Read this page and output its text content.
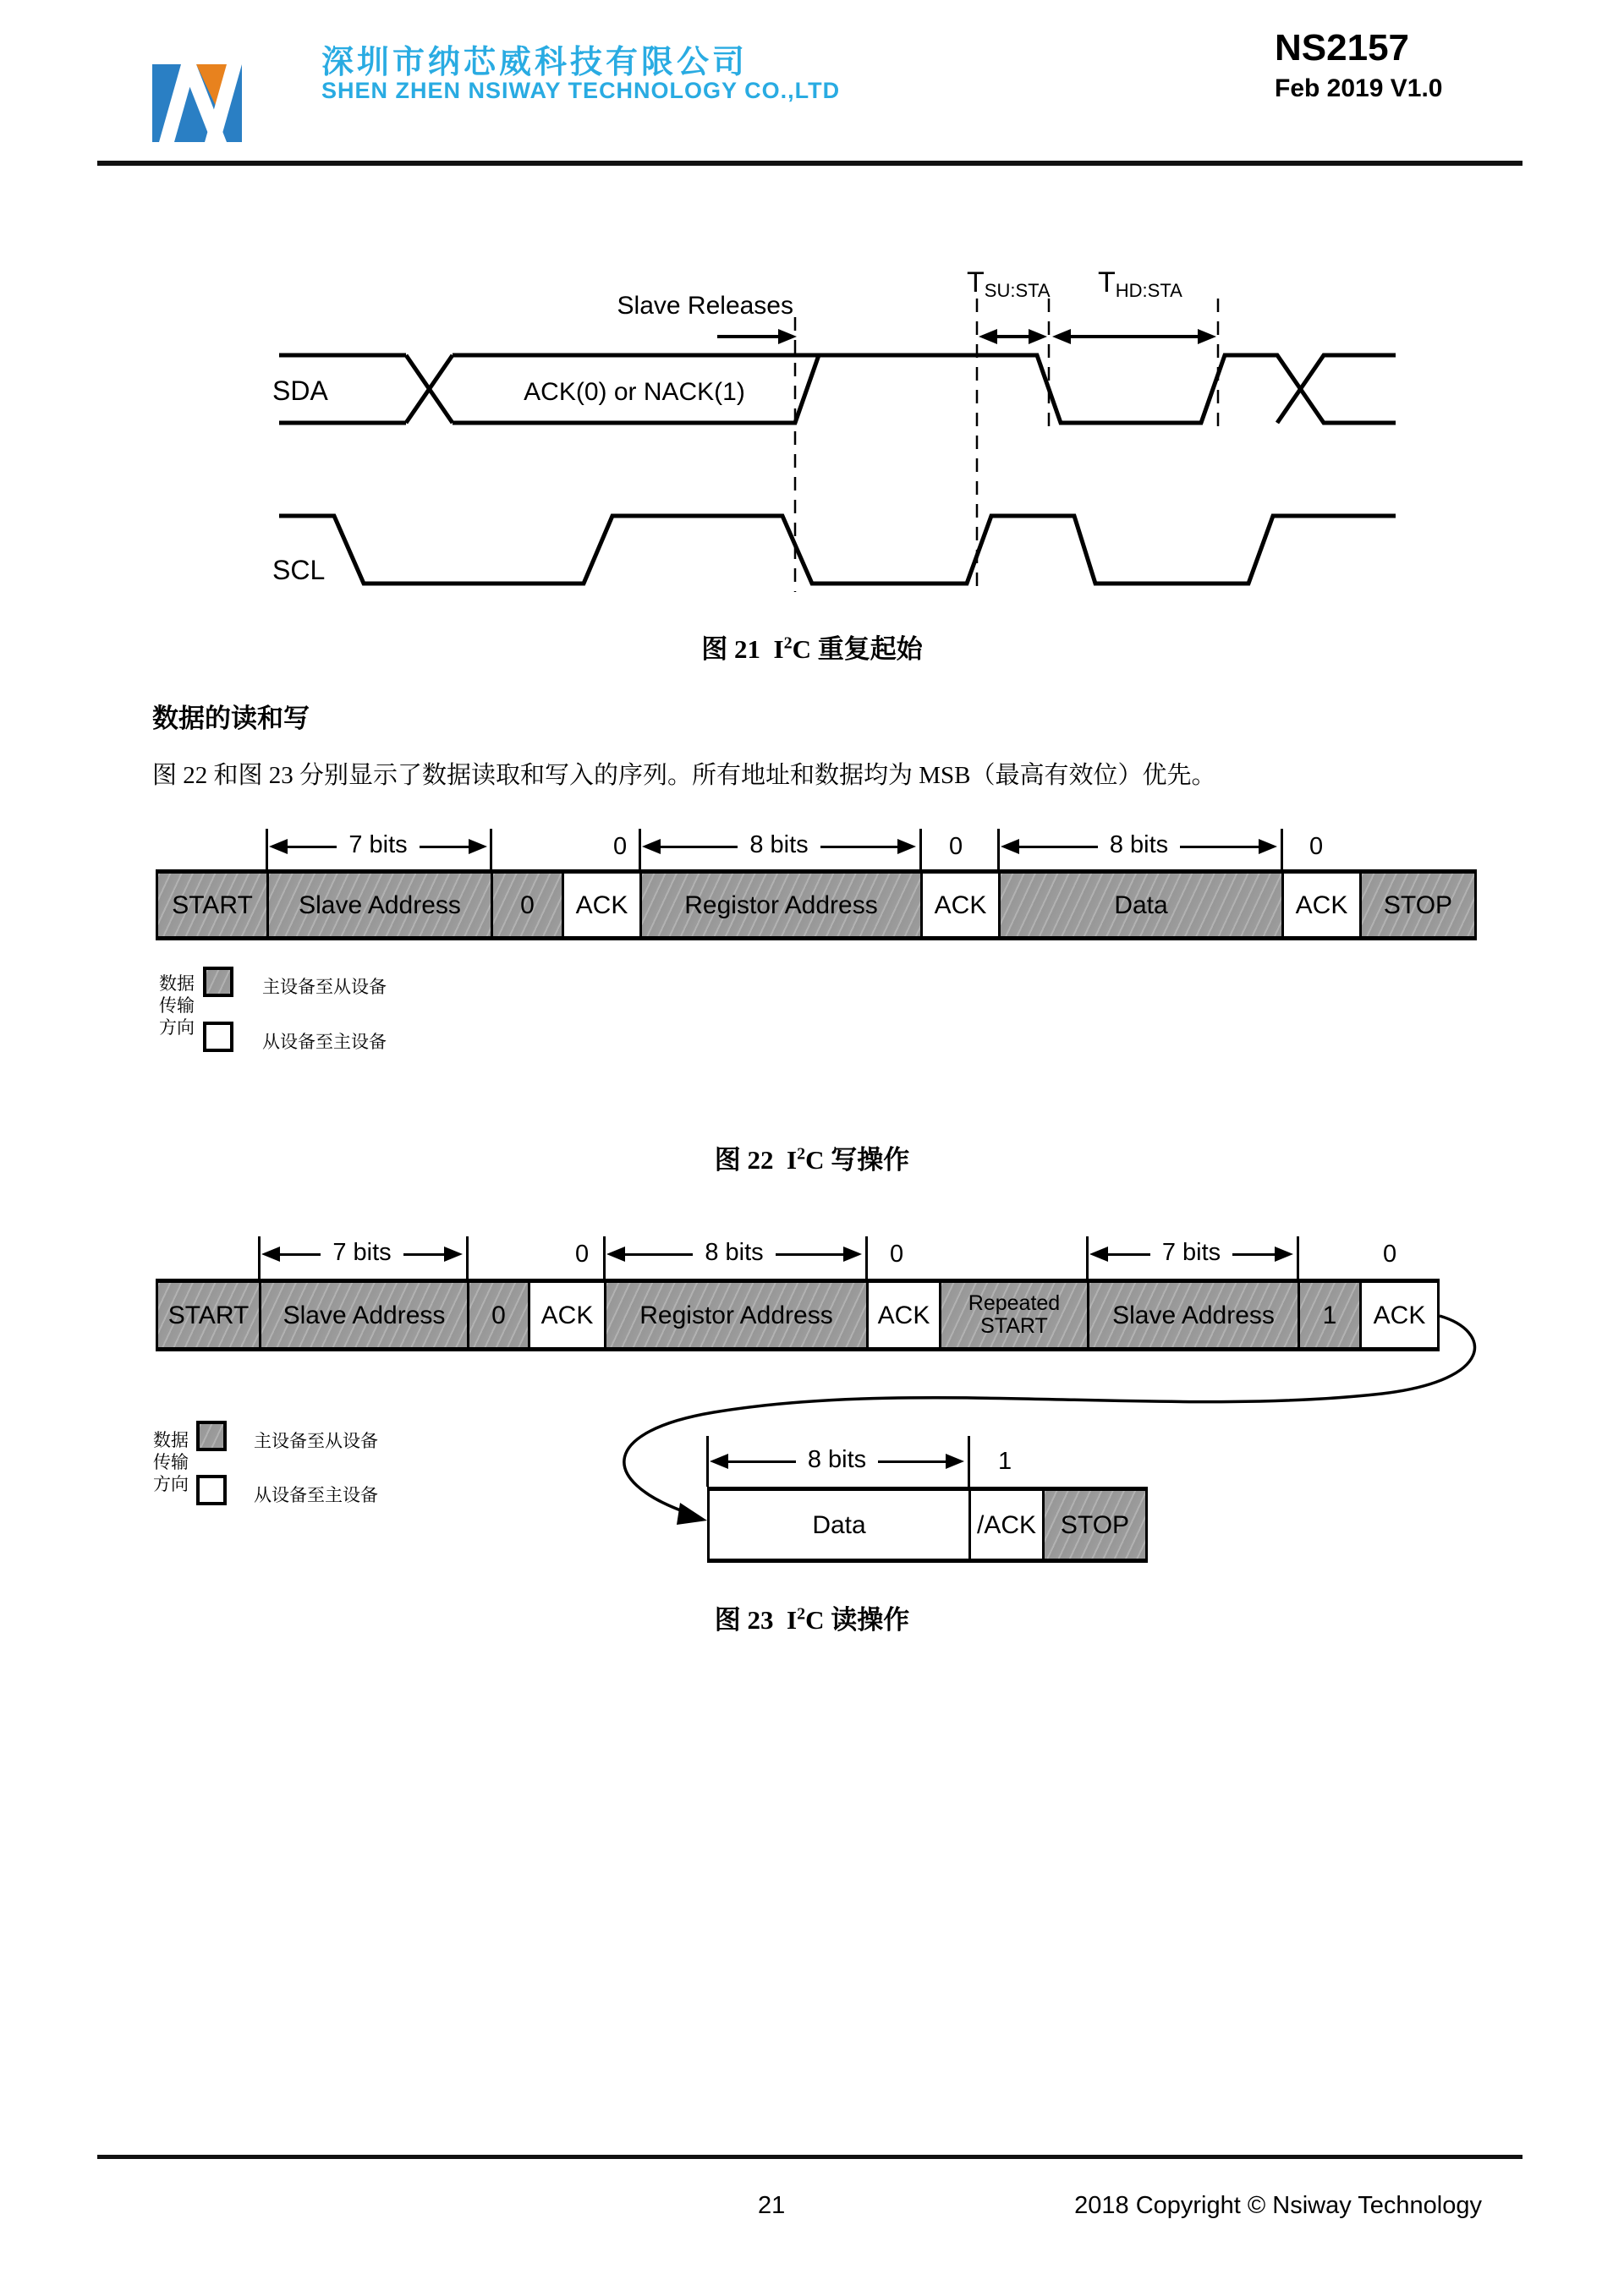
深圳市纳芯威科技有限公司
SHEN ZHEN NSIWAY TECHNOLOGY CO.,LTD
NS2157
Feb 2019 V1.0
Slave Releases
TSU:STA THD:STA
SDA
SCL
ACK(0) or NACK(1)
图 21 $I^2C$ 重复起始
数据的读和写
图 22 和图 23 分别显示了数据读取和写入的序列。所有地址和数据均为 MSB（最高有效位）优先。
7 bits	8 bits	8 bits
0	0	0
START	Slave Address	0	ACK	Registor Address	ACK	Data	ACK	STOP
数据
传输
方向
主设备至从设备
从设备至主设备
图 22 $I^2C$ 写操作
7 bits	8 bits	7 bits
0	0	0
START	Slave Address	0	ACK	Registor Address	ACK	Repeated START	Slave Address	1	ACK
8 bits	1
Data	/ACK STOP
数据
传输
方向
主设备至从设备
从设备至主设备
图 23 $I^2C$ 读操作
21	2018 Copyright © Nsiway Technology
